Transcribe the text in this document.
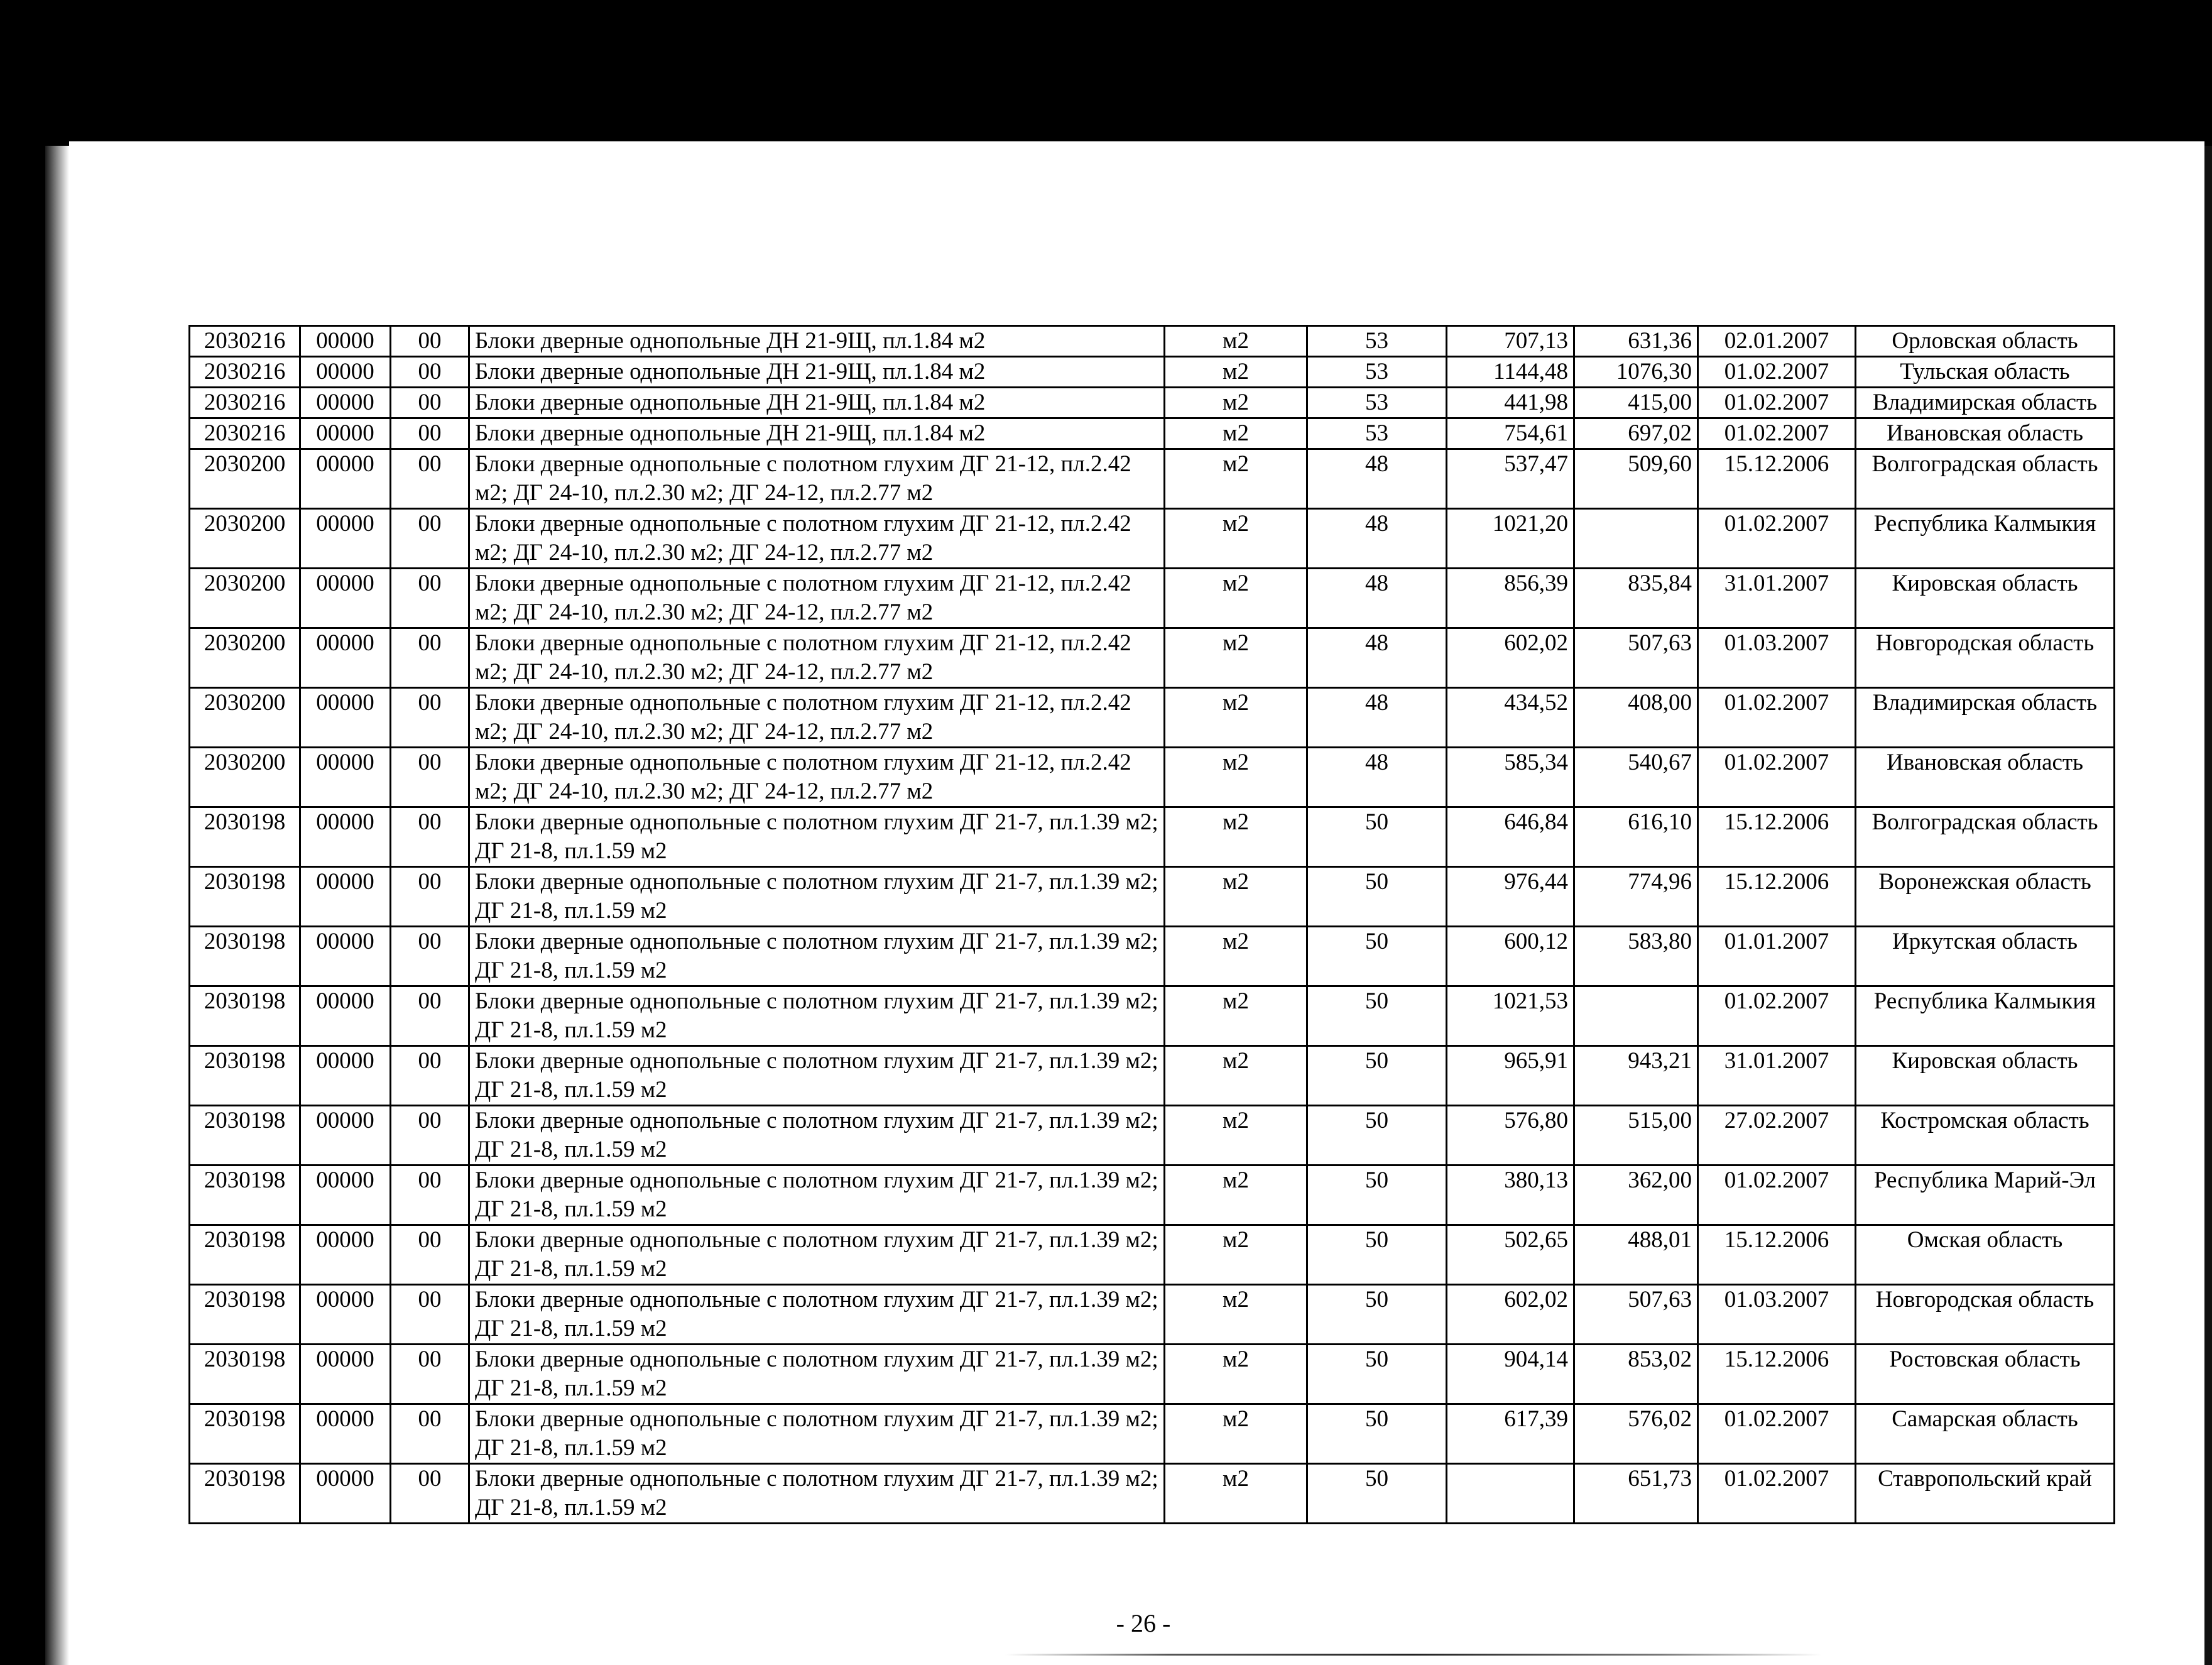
2030216	00000	00	Блоки дверные однопольные ДН 21-9Щ, пл.1.84 м2	м2	53	707,13	631,36	02.01.2007	Орловская область
2030216	00000	00	Блоки дверные однопольные ДН 21-9Щ, пл.1.84 м2	м2	53	1144,48	1076,30	01.02.2007	Тульская область
2030216	00000	00	Блоки дверные однопольные ДН 21-9Щ, пл.1.84 м2	м2	53	441,98	415,00	01.02.2007	Владимирская область
2030216	00000	00	Блоки дверные однопольные ДН 21-9Щ, пл.1.84 м2	м2	53	754,61	697,02	01.02.2007	Ивановская область
2030200	00000	00	Блоки дверные однопольные с полотном глухим ДГ 21-12, пл.2.42 м2; ДГ 24-10, пл.2.30 м2; ДГ 24-12, пл.2.77 м2	м2	48	537,47	509,60	15.12.2006	Волгоградская область
2030200	00000	00	Блоки дверные однопольные с полотном глухим ДГ 21-12, пл.2.42 м2; ДГ 24-10, пл.2.30 м2; ДГ 24-12, пл.2.77 м2	м2	48	1021,20		01.02.2007	Республика Калмыкия
2030200	00000	00	Блоки дверные однопольные с полотном глухим ДГ 21-12, пл.2.42 м2; ДГ 24-10, пл.2.30 м2; ДГ 24-12, пл.2.77 м2	м2	48	856,39	835,84	31.01.2007	Кировская область
2030200	00000	00	Блоки дверные однопольные с полотном глухим ДГ 21-12, пл.2.42 м2; ДГ 24-10, пл.2.30 м2; ДГ 24-12, пл.2.77 м2	м2	48	602,02	507,63	01.03.2007	Новгородская область
2030200	00000	00	Блоки дверные однопольные с полотном глухим ДГ 21-12, пл.2.42 м2; ДГ 24-10, пл.2.30 м2; ДГ 24-12, пл.2.77 м2	м2	48	434,52	408,00	01.02.2007	Владимирская область
2030200	00000	00	Блоки дверные однопольные с полотном глухим ДГ 21-12, пл.2.42 м2; ДГ 24-10, пл.2.30 м2; ДГ 24-12, пл.2.77 м2	м2	48	585,34	540,67	01.02.2007	Ивановская область
2030198	00000	00	Блоки дверные однопольные с полотном глухим ДГ 21-7, пл.1.39 м2; ДГ 21-8, пл.1.59 м2	м2	50	646,84	616,10	15.12.2006	Волгоградская область
2030198	00000	00	Блоки дверные однопольные с полотном глухим ДГ 21-7, пл.1.39 м2; ДГ 21-8, пл.1.59 м2	м2	50	976,44	774,96	15.12.2006	Воронежская область
2030198	00000	00	Блоки дверные однопольные с полотном глухим ДГ 21-7, пл.1.39 м2; ДГ 21-8, пл.1.59 м2	м2	50	600,12	583,80	01.01.2007	Иркутская область
2030198	00000	00	Блоки дверные однопольные с полотном глухим ДГ 21-7, пл.1.39 м2; ДГ 21-8, пл.1.59 м2	м2	50	1021,53		01.02.2007	Республика Калмыкия
2030198	00000	00	Блоки дверные однопольные с полотном глухим ДГ 21-7, пл.1.39 м2; ДГ 21-8, пл.1.59 м2	м2	50	965,91	943,21	31.01.2007	Кировская область
2030198	00000	00	Блоки дверные однопольные с полотном глухим ДГ 21-7, пл.1.39 м2; ДГ 21-8, пл.1.59 м2	м2	50	576,80	515,00	27.02.2007	Костромская область
2030198	00000	00	Блоки дверные однопольные с полотном глухим ДГ 21-7, пл.1.39 м2; ДГ 21-8, пл.1.59 м2	м2	50	380,13	362,00	01.02.2007	Республика Марий-Эл
2030198	00000	00	Блоки дверные однопольные с полотном глухим ДГ 21-7, пл.1.39 м2; ДГ 21-8, пл.1.59 м2	м2	50	502,65	488,01	15.12.2006	Омская область
2030198	00000	00	Блоки дверные однопольные с полотном глухим ДГ 21-7, пл.1.39 м2; ДГ 21-8, пл.1.59 м2	м2	50	602,02	507,63	01.03.2007	Новгородская область
2030198	00000	00	Блоки дверные однопольные с полотном глухим ДГ 21-7, пл.1.39 м2; ДГ 21-8, пл.1.59 м2	м2	50	904,14	853,02	15.12.2006	Ростовская область
2030198	00000	00	Блоки дверные однопольные с полотном глухим ДГ 21-7, пл.1.39 м2; ДГ 21-8, пл.1.59 м2	м2	50	617,39	576,02	01.02.2007	Самарская область
2030198	00000	00	Блоки дверные однопольные с полотном глухим ДГ 21-7, пл.1.39 м2; ДГ 21-8, пл.1.59 м2	м2	50		651,73	01.02.2007	Ставропольский край
- 26 -
